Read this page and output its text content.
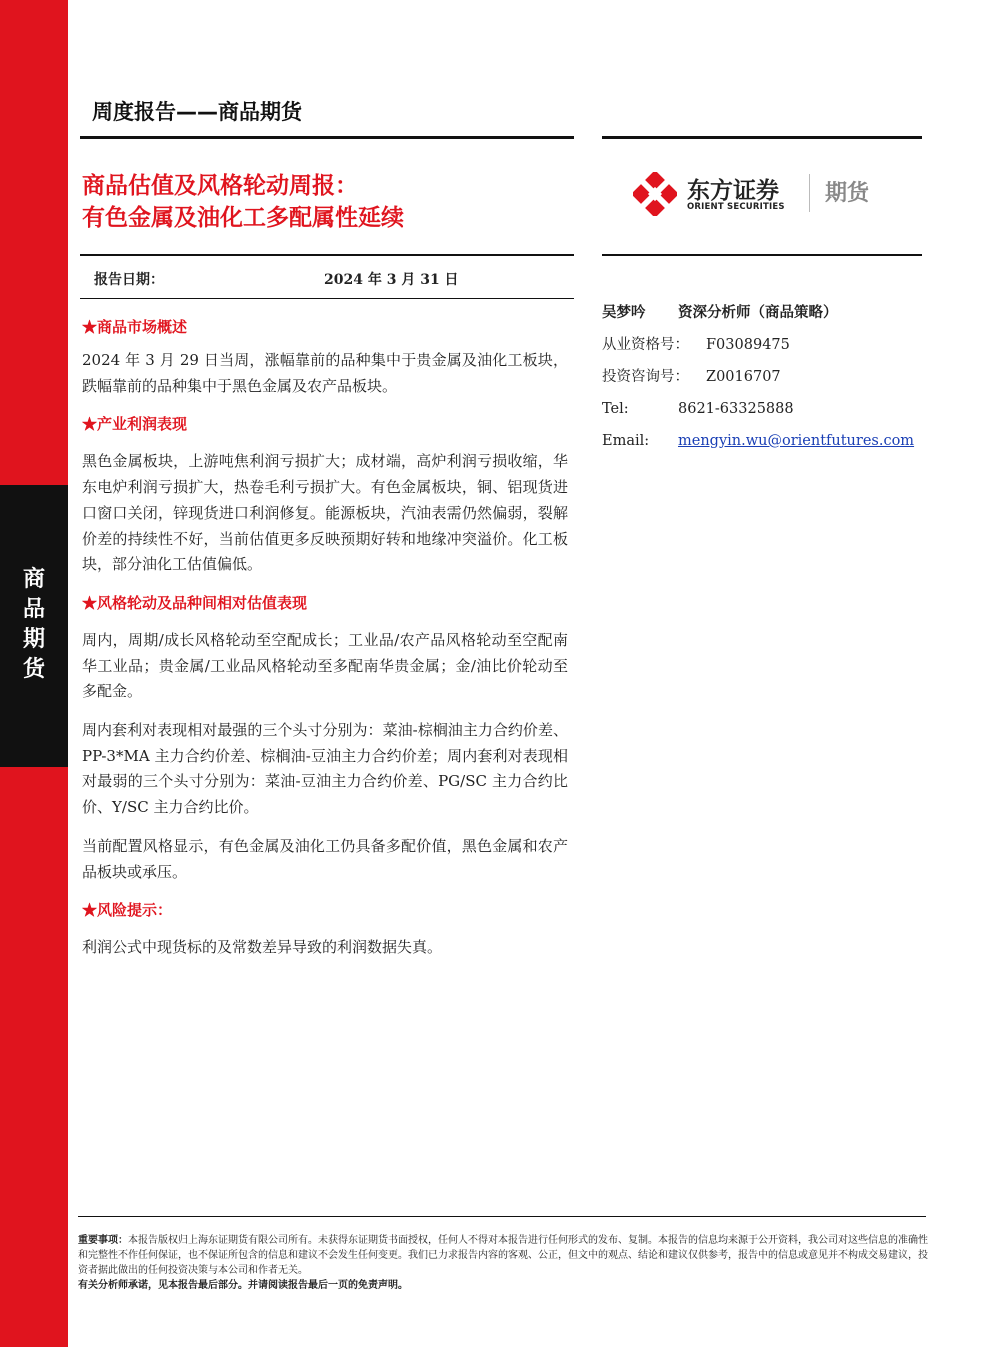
商
品
期
货
周度报告——商品期货
商品估值及风格轮动周报：
有色金属及油化工多配属性延续
东方证券
ORIENT SECURITIES
期货
报告日期：	2024 年 3 月 31 日
★商品市场概述

2024 年 3 月 29 日当周，涨幅靠前的品种集中于贵金属及油化工板块，跌幅靠前的品种集中于黑色金属及农产品板块。

★产业利润表现

黑色金属板块，上游吨焦利润亏损扩大；成材端，高炉利润亏损收缩，华东电炉利润亏损扩大，热卷毛利亏损扩大。有色金属板块，铜、铝现货进口窗口关闭，锌现货进口利润修复。能源板块，汽油表需仍然偏弱，裂解价差的持续性不好，当前估值更多反映预期好转和地缘冲突溢价。化工板块，部分油化工估值偏低。

★风格轮动及品种间相对估值表现

周内，周期/成长风格轮动至空配成长；工业品/农产品风格轮动至空配南华工业品；贵金属/工业品风格轮动至多配南华贵金属；金/油比价轮动至多配金。

周内套利对表现相对最强的三个头寸分别为：菜油-棕榈油主力合约价差、PP-3*MA 主力合约价差、棕榈油-豆油主力合约价差；周内套利对表现相对最弱的三个头寸分别为：菜油-豆油主力合约价差、PG/SC 主力合约比价、Y/SC 主力合约比价。

当前配置风格显示，有色金属及油化工仍具备多配价值，黑色金属和农产品板块或承压。

★风险提示：

利润公式中现货标的及常数差异导致的利润数据失真。

吴梦吟 资深分析师（商品策略）
从业资格号： F03089475
投资咨询号： Z0016707
Tel:	8621-63325888
Email: mengyin.wu@orientfutures.com
重要事项：本报告版权归上海东证期货有限公司所有。未获得东证期货书面授权，任何人不得对本报告进行任何形式的发布、复制。本报告的信息均来源于公开资料，我公司对这些信息的准确性和完整性不作任何保证，也不保证所包含的信息和建议不会发生任何变更。我们已力求报告内容的客观、公正，但文中的观点、结论和建议仅供参考，报告中的信息或意见并不构成交易建议，投资者据此做出的任何投资决策与本公司和作者无关。
有关分析师承诺，见本报告最后部分。并请阅读报告最后一页的免责声明。
